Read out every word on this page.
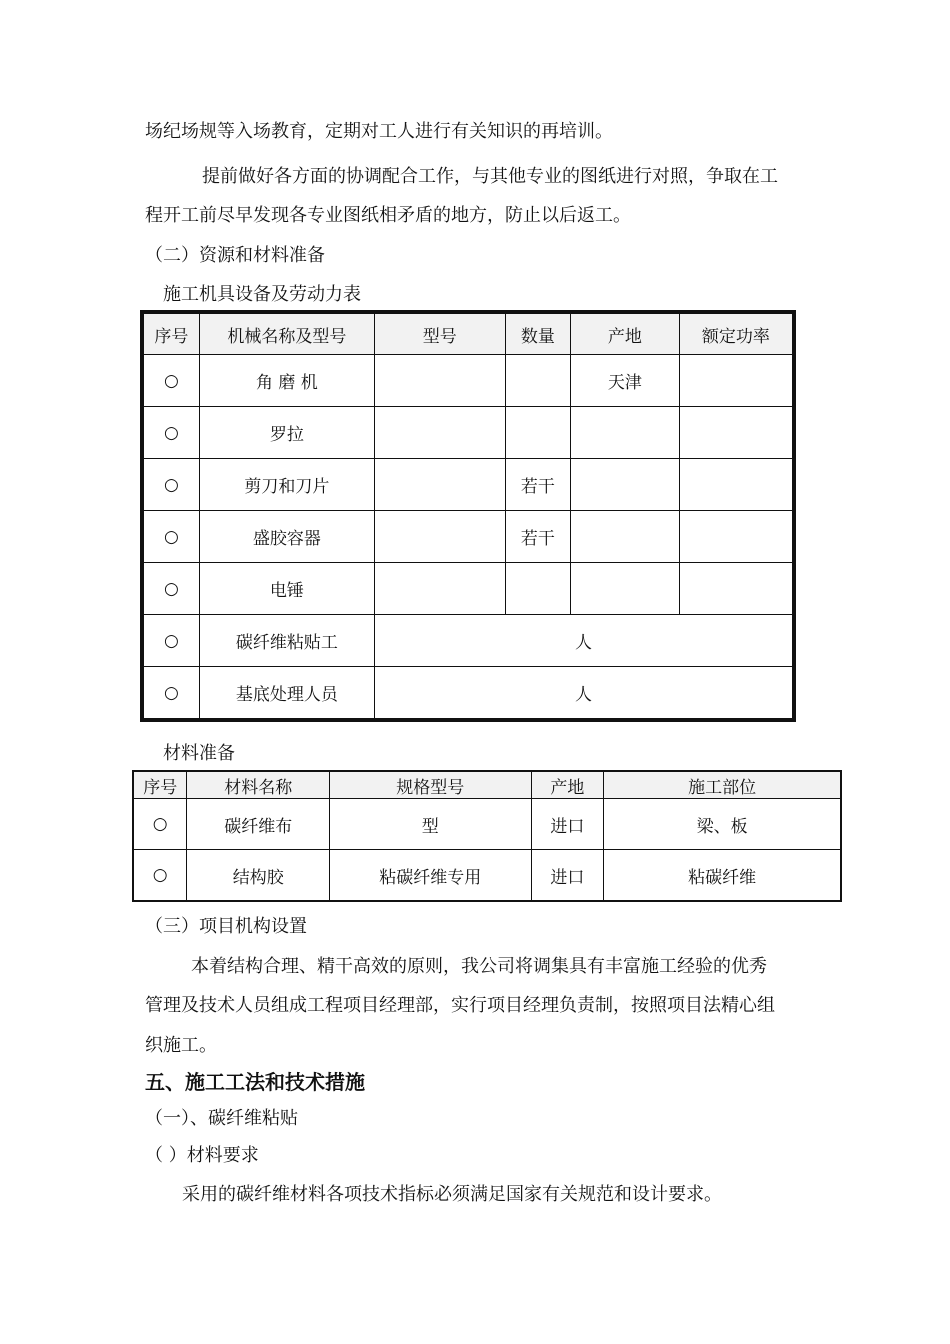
场纪场规等入场教育，定期对工人进行有关知识的再培训。
提前做好各方面的协调配合工作，与其他专业的图纸进行对照，争取在工
程开工前尽早发现各专业图纸相矛盾的地方，防止以后返工。
（二）资源和材料准备
施工机具设备及劳动力表
序号	机械名称及型号	型号	数量	产地	额定功率
○	角 磨 机			天津	
○	罗拉				
○	剪刀和刀片		若干		
○	盛胶容器		若干		
○	电锤				
○	碳纤维粘贴工	人			
○	基底处理人员	人			
材料准备
序号	材料名称	规格型号	产地	施工部位
○	碳纤维布	型	进口	梁、板
○	结构胶	粘碳纤维专用	进口	粘碳纤维
（三）项目机构设置
本着结构合理、精干高效的原则，我公司将调集具有丰富施工经验的优秀
管理及技术人员组成工程项目经理部，实行项目经理负责制，按照项目法精心组
织施工。
五、施工工法和技术措施
（一）、碳纤维粘贴
（ ）材料要求
采用的碳纤维材料各项技术指标必须满足国家有关规范和设计要求。
